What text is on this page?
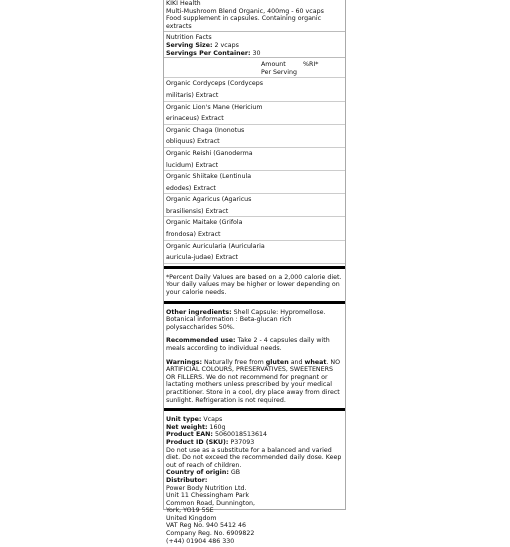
KIKI Health

Multi-Mushroom Blend Organic, 400mg - 60 vcaps

Food supplement in capsules. Containing organic extracts

Nutrition Facts

Serving Size: 2 vcaps

Servings Per Container: 30

Amount

Per Serving

%RI*

Organic Cordyceps (Cordyceps

militaris) Extract

Organic Lion's Mane (Hericium

erinaceus) Extract

Organic Chaga (Inonotus

obliquus) Extract

Organic Reishi (Ganoderma

lucidum) Extract

Organic Shiitake (Lentinula

edodes) Extract

Organic Agaricus (Agaricus

brasiliensis) Extract

Organic Maitake (Grifola

frondosa) Extract

Organic Auricularia (Auricularia

auricula-judae) Extract

*Percent Daily Values are based on a 2,000 calorie diet. Your daily values may be higher or lower depending on your calorie needs.

Other ingredients: Shell Capsule: Hypromellose. Botanical information : Beta-glucan rich polysaccharides 50%.

Recommended use: Take 2 - 4 capsules daily with meals according to individual needs.

Warnings: Naturally free from gluten and wheat. NO ARTIFICIAL COLOURS, PRESERVATIVES, SWEETENERS OR FILLERS. We do not recommend for pregnant or lactating mothers unless prescribed by your medical practitioner. Store in a cool, dry place away from direct sunlight. Refrigeration is not required.

Unit type: Vcaps

Net weight: 160g

Product EAN: 5060018513614

Product ID (SKU): P37093

Do not use as a substitute for a balanced and varied diet. Do not exceed the recommended daily dose. Keep out of reach of children.

Country of origin: GB

Distributor:

Power Body Nutrition Ltd.

Unit 11 Chessingham Park

Common Road, Dunnington,

York, YO19 5SE

United Kingdom

VAT Reg No. 940 5412 46

Company Reg. No. 6909822

(+44) 01904 486 330
